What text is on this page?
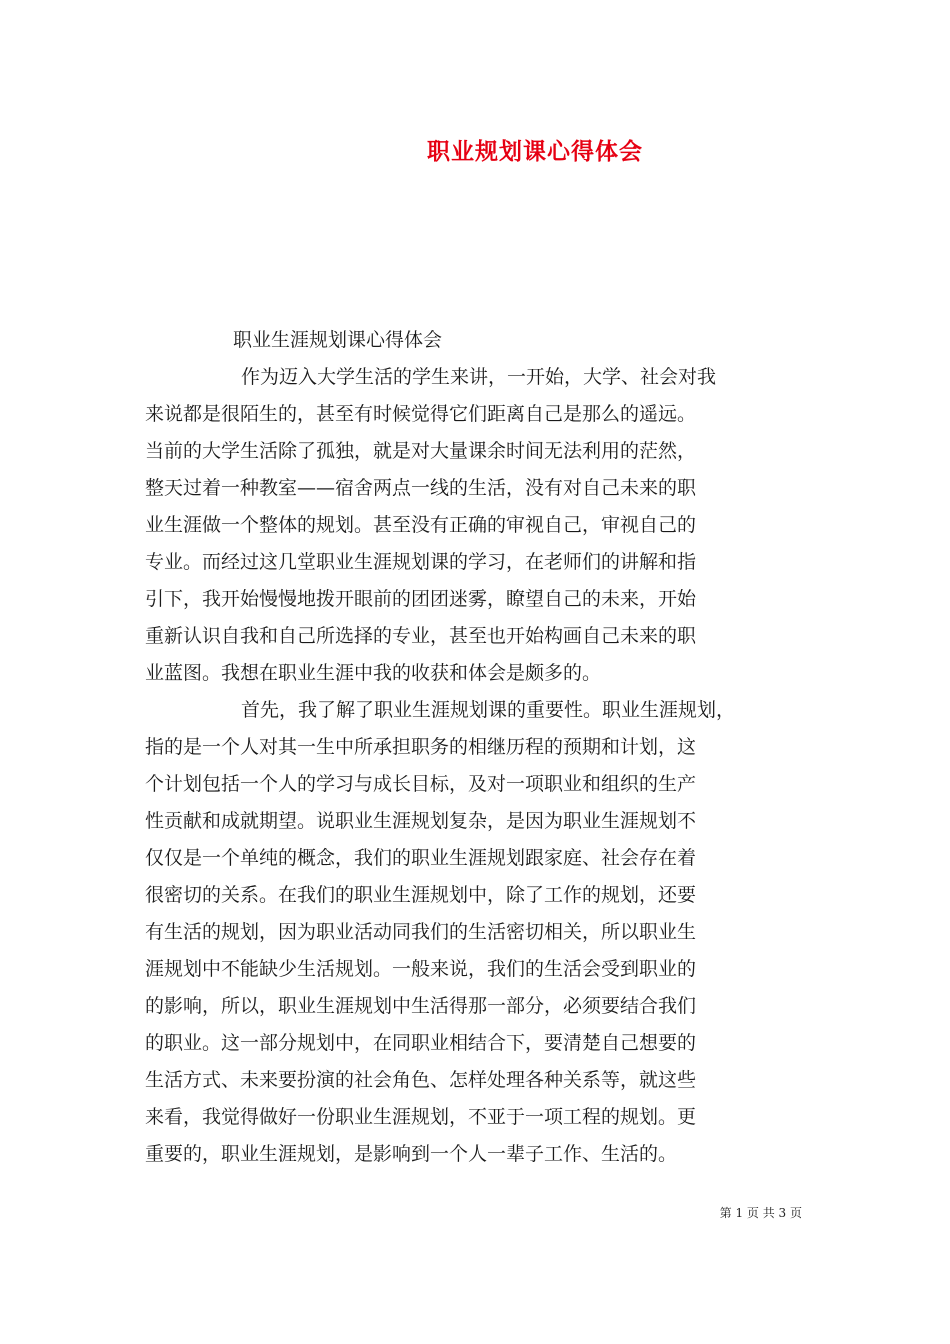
职业规划课心得体会

职业生涯规划课心得体会

作为迈入大学生活的学生来讲，一开始，大学、社会对我
来说都是很陌生的，甚至有时候觉得它们距离自己是那么的遥远。
当前的大学生活除了孤独，就是对大量课余时间无法利用的茫然，
整天过着一种教室——宿舍两点一线的生活，没有对自己未来的职
业生涯做一个整体的规划。甚至没有正确的审视自己，审视自己的
专业。而经过这几堂职业生涯规划课的学习，在老师们的讲解和指
引下，我开始慢慢地拨开眼前的团团迷雾，瞭望自己的未来，开始
重新认识自我和自己所选择的专业，甚至也开始构画自己未来的职
业蓝图。我想在职业生涯中我的收获和体会是颇多的。

首先，我了解了职业生涯规划课的重要性。职业生涯规划，
指的是一个人对其一生中所承担职务的相继历程的预期和计划，这
个计划包括一个人的学习与成长目标，及对一项职业和组织的生产
性贡献和成就期望。说职业生涯规划复杂，是因为职业生涯规划不
仅仅是一个单纯的概念，我们的职业生涯规划跟家庭、社会存在着
很密切的关系。在我们的职业生涯规划中，除了工作的规划，还要
有生活的规划，因为职业活动同我们的生活密切相关，所以职业生
涯规划中不能缺少生活规划。一般来说，我们的生活会受到职业的
的影响，所以，职业生涯规划中生活得那一部分，必须要结合我们
的职业。这一部分规划中，在同职业相结合下，要清楚自己想要的
生活方式、未来要扮演的社会角色、怎样处理各种关系等，就这些
来看，我觉得做好一份职业生涯规划，不亚于一项工程的规划。更
重要的，职业生涯规划，是影响到一个人一辈子工作、生活的。

第 1 页 共 3 页
